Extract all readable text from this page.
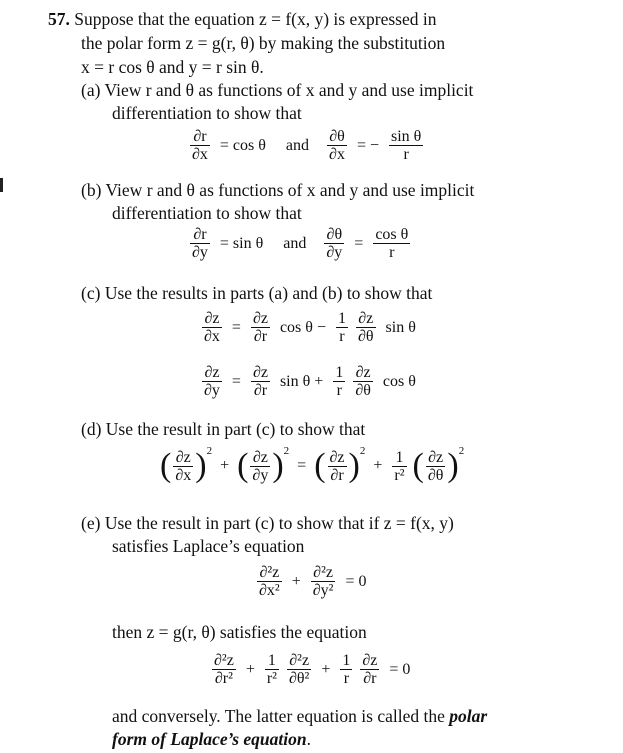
57. Suppose that the equation z = f(x, y) is expressed in
the polar form z = g(r, θ) by making the substitution
x = r cos θ and y = r sin θ.
(a) View r and θ as functions of x and y and use implicit
differentiation to show that
$\frac{\partial r}{\partial x} = \cos \theta$ and $\frac{\partial\theta}{\partial x}$ = − $\frac{\text{sin θ}}{r}$
(b) View r and θ as functions of x and y and use implicit
differentiation to show that
$\frac{\partial r}{\partial y} = \sin \theta$ and $\frac{\partial\theta}{\partial y} = \frac{\text{cos θ}}{r}$
(c) Use the results in parts (a) and (b) to show that
$\frac{\partial z}{\partial x} = \frac{\partial z}{\partial r}$ $\cos \theta - \frac{1}{r}$
$\frac{\partial z}{\partial\theta}$ sin θ
$\frac{\partial z}{\partial y} = \frac{\partial z}{\partial r}$ $\sin \theta + \frac{1}{r}$
$\frac{\partial z}{\partial\theta}$ cos θ
(d) Use the result in part (c) to show that
( $\frac{\partial z}{\partial x} )^2$ + ( $\frac{\partial z}{\partial y} )^2$ = ( $\frac{\partial z}{\partial r} )^2 + \frac{1}{\text{r²}}$ ( $\frac{\partial z}{\partial\theta} )^2$
(e) Use the result in part (c) to show that if z = f(x, y)
satisfies Laplace’s equation
$\frac{\text{∂²z}}{\text{∂x²}} + \frac{\text{∂²z}}{\text{∂y²}} = 0$
then z = g(r, θ) satisfies the equation
$\frac{\text{∂²z}}{\text{∂r²}} + \frac{1}{\text{r²}}$
$\frac{\text{∂²z}}{\text{∂θ²}} + \frac{1}{r}$
$\frac{\partial z}{\partial r} = 0$
and conversely. The latter equation is called the polar
form of Laplace’s equation.
